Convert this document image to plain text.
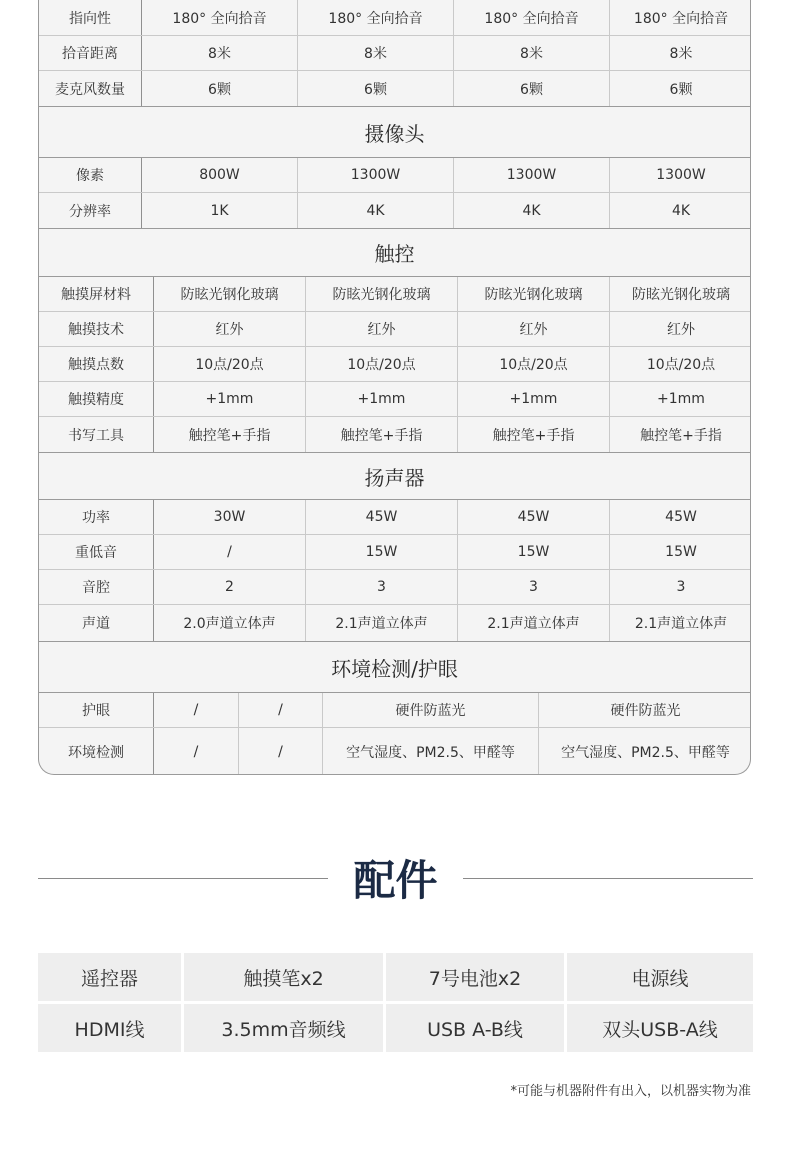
指向性	180° 全向拾音	180° 全向拾音	180° 全向拾音	180° 全向拾音
拾音距离	8米	8米	8米	8米
麦克风数量	6颗	6颗	6颗	6颗
摄像头
像素	800W	1300W	1300W	1300W
分辨率	1K	4K	4K	4K
触控
触摸屏材料	防眩光钢化玻璃	防眩光钢化玻璃	防眩光钢化玻璃	防眩光钢化玻璃
触摸技术	红外	红外	红外	红外
触摸点数	10点/20点	10点/20点	10点/20点	10点/20点
触摸精度	+1mm	+1mm	+1mm	+1mm
书写工具	触控笔+手指	触控笔+手指	触控笔+手指	触控笔+手指
扬声器
功率	30W	45W	45W	45W
重低音	/	15W	15W	15W
音腔	2	3	3	3
声道	2.0声道立体声	2.1声道立体声	2.1声道立体声	2.1声道立体声
环境检测/护眼
护眼	/	/	硬件防蓝光	硬件防蓝光
环境检测	/	/	空气湿度、PM2.5、甲醛等	空气湿度、PM2.5、甲醛等
配件
遥控器	触摸笔x2	7号电池x2	电源线
HDMI线	3.5mm音频线	USB A-B线	双头USB-A线
*可能与机器附件有出入，以机器实物为准
